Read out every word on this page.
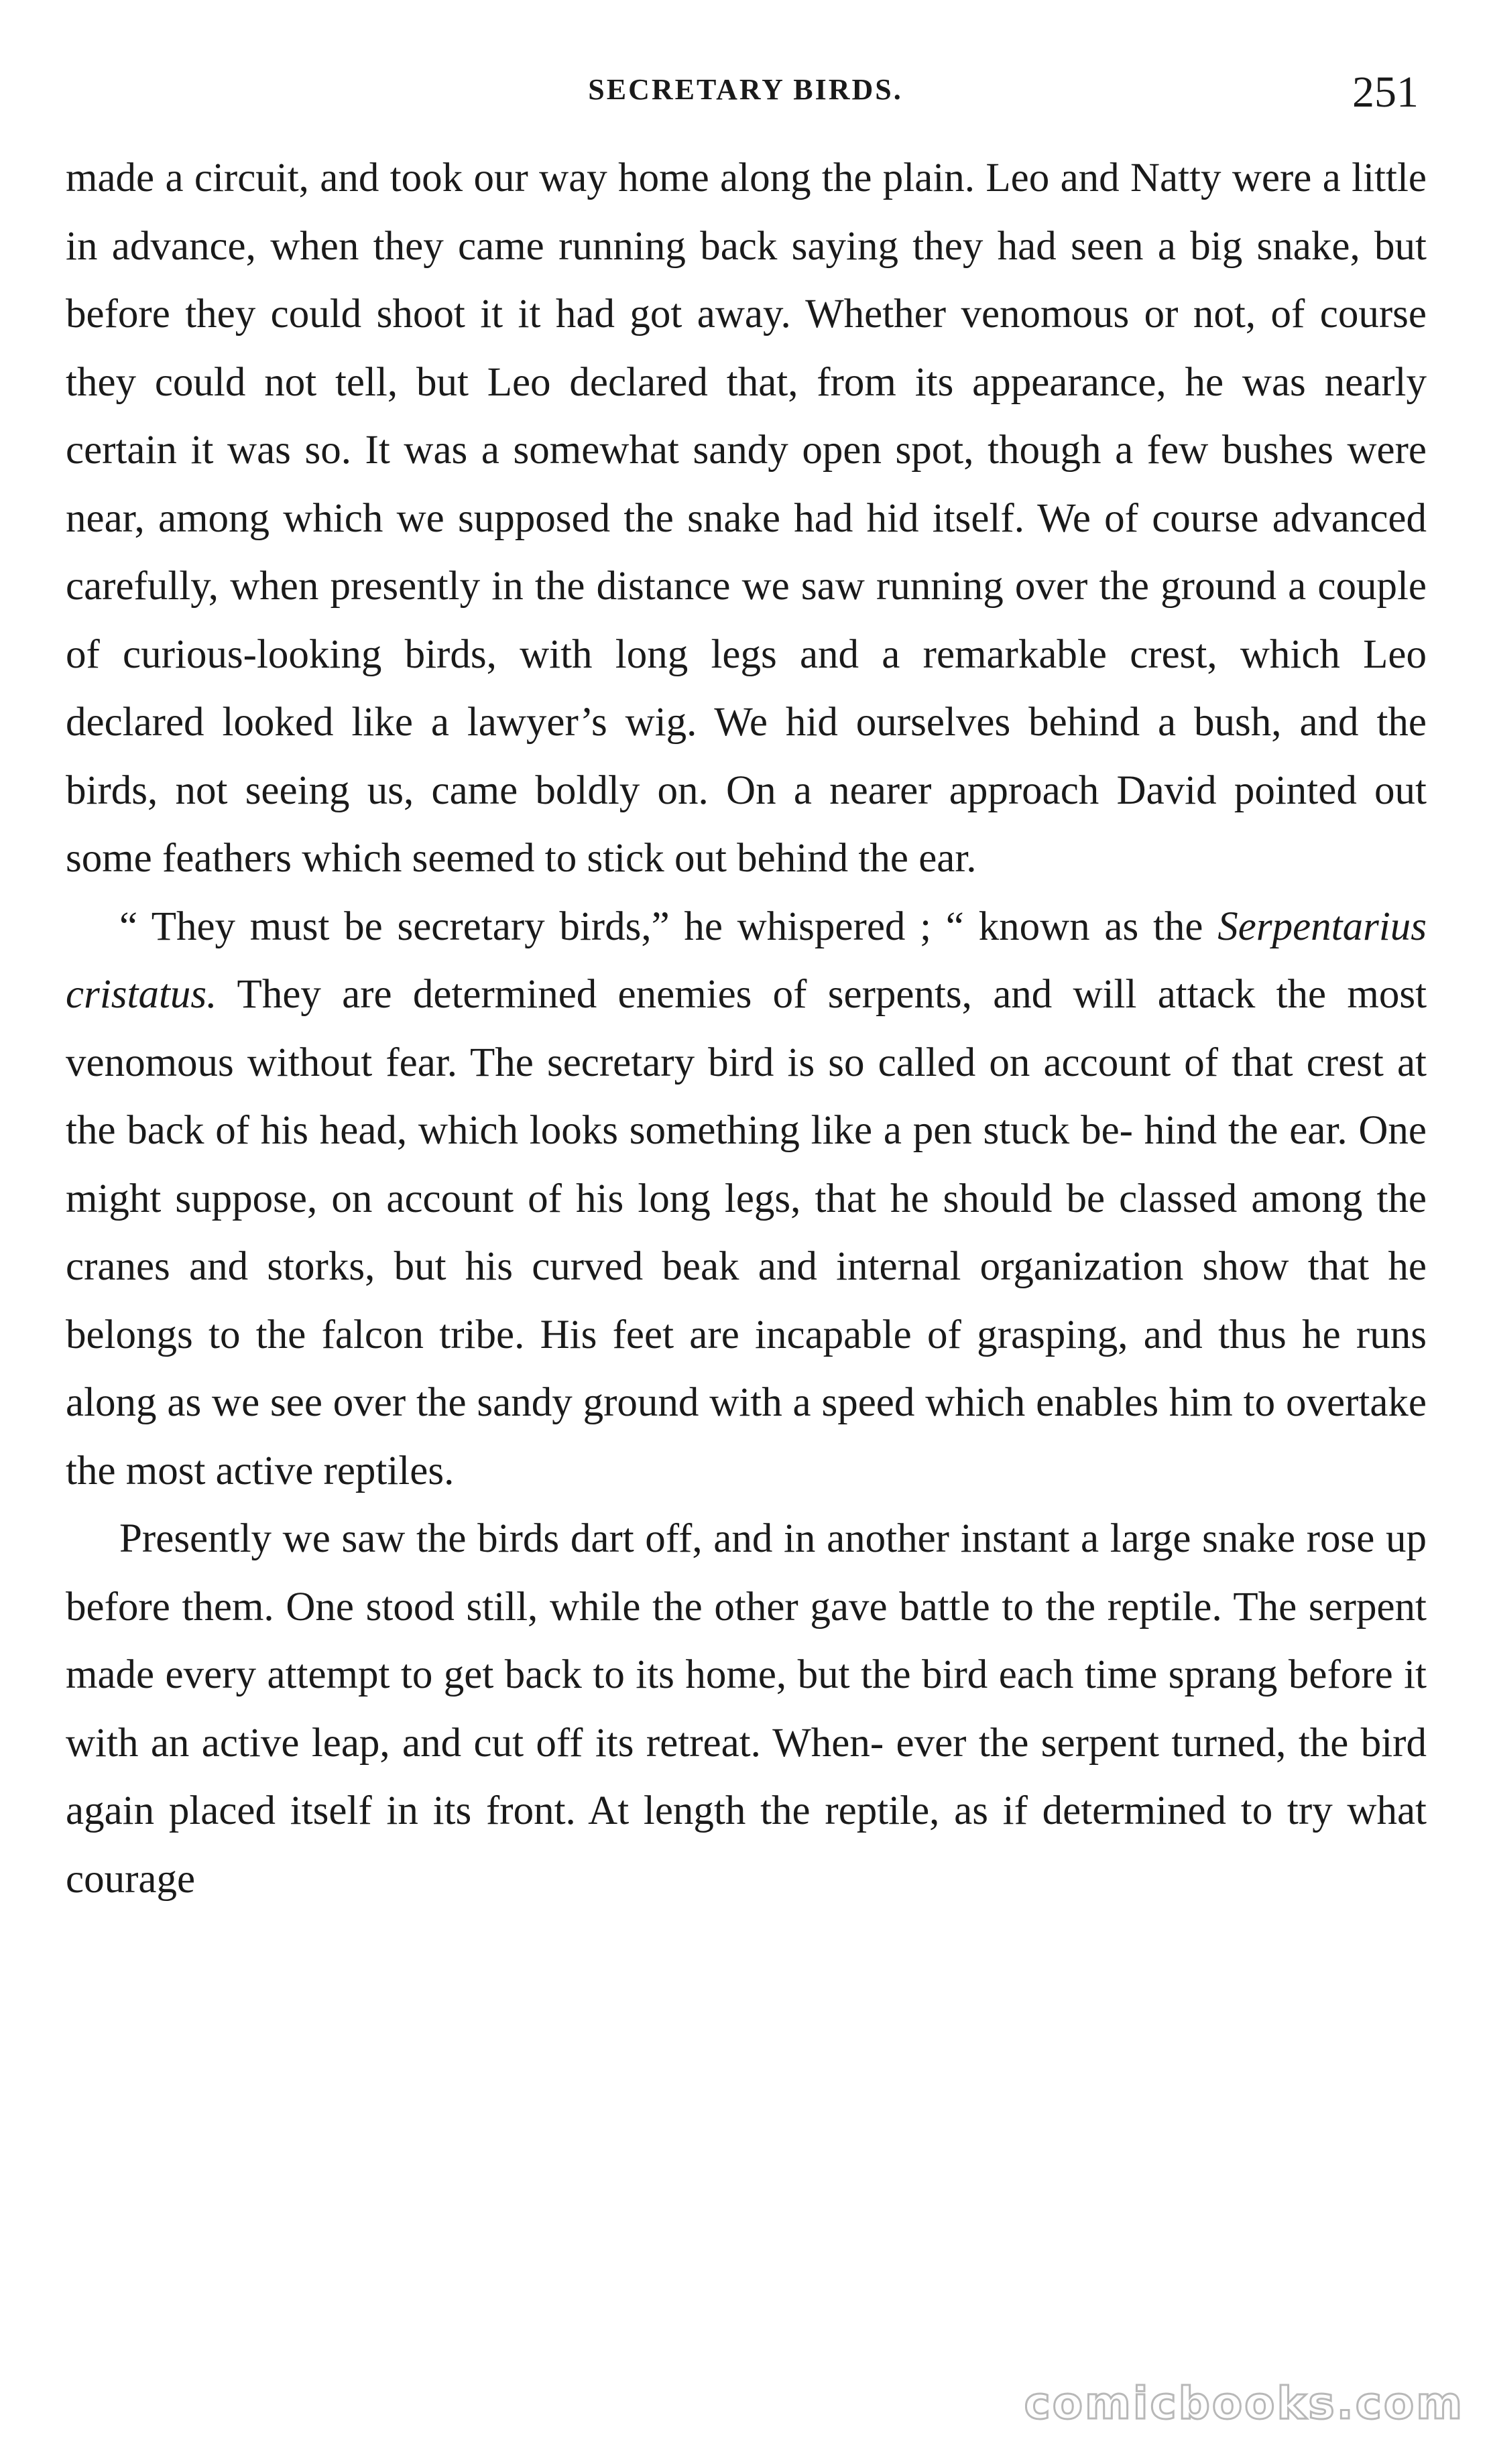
SECRETARY BIRDS.	251

made a circuit, and took our way home along the plain. Leo and Natty were a little in advance, when they came running back saying they had seen a big snake, but before they could shoot it it had got away. Whether venomous or not, of course they could not tell, but Leo declared that, from its appearance, he was nearly certain it was so. It was a somewhat sandy open spot, though a few bushes were near, among which we supposed the snake had hid itself. We of course advanced carefully, when presently in the distance we saw running over the ground a couple of curious-looking birds, with long legs and a remarkable crest, which Leo declared looked like a lawyer’s wig. We hid ourselves behind a bush, and the birds, not seeing us, came boldly on. On a nearer approach David pointed out some feathers which seemed to stick out behind the ear.

“ They must be secretary birds,” he whispered ; “ known as the Serpentarius cristatus. They are determined enemies of serpents, and will attack the most venomous without fear. The secretary bird is so called on account of that crest at the back of his head, which looks something like a pen stuck be- hind the ear. One might suppose, on account of his long legs, that he should be classed among the cranes and storks, but his curved beak and internal organization show that he belongs to the falcon tribe. His feet are incapable of grasping, and thus he runs along as we see over the sandy ground with a speed which enables him to overtake the most active reptiles.

Presently we saw the birds dart off, and in another instant a large snake rose up before them. One stood still, while the other gave battle to the reptile. The serpent made every attempt to get back to its home, but the bird each time sprang before it with an active leap, and cut off its retreat. When- ever the serpent turned, the bird again placed itself in its front. At length the reptile, as if determined to try what courage

comicbooks.com
